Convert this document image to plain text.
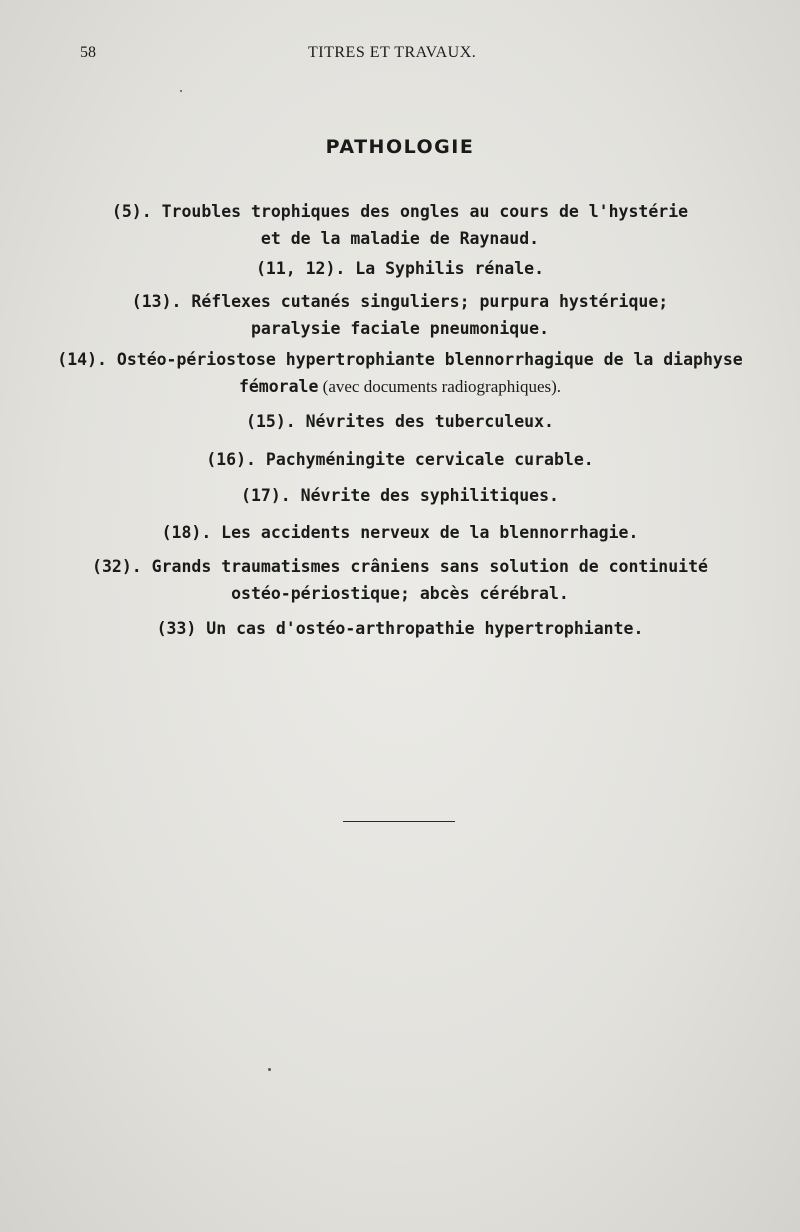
58	TITRES ET TRAVAUX.
PATHOLOGIE
(5). Troubles trophiques des ongles au cours de l'hystérie
et de la maladie de Raynaud.
(11, 12). La Syphilis rénale.
(13). Réflexes cutanés singuliers; purpura hystérique;
paralysie faciale pneumonique.
(14). Ostéo-périostose hypertrophiante blennorrhagique de la diaphyse
fémorale (avec documents radiographiques).
(15). Névrites des tuberculeux.
(16). Pachyméningite cervicale curable.
(17). Névrite des syphilitiques.
(18). Les accidents nerveux de la blennorrhagie.
(32). Grands traumatismes crâniens sans solution de continuité
ostéo-périostique; abcès cérébral.
(33) Un cas d'ostéo-arthropathie hypertrophiante.
